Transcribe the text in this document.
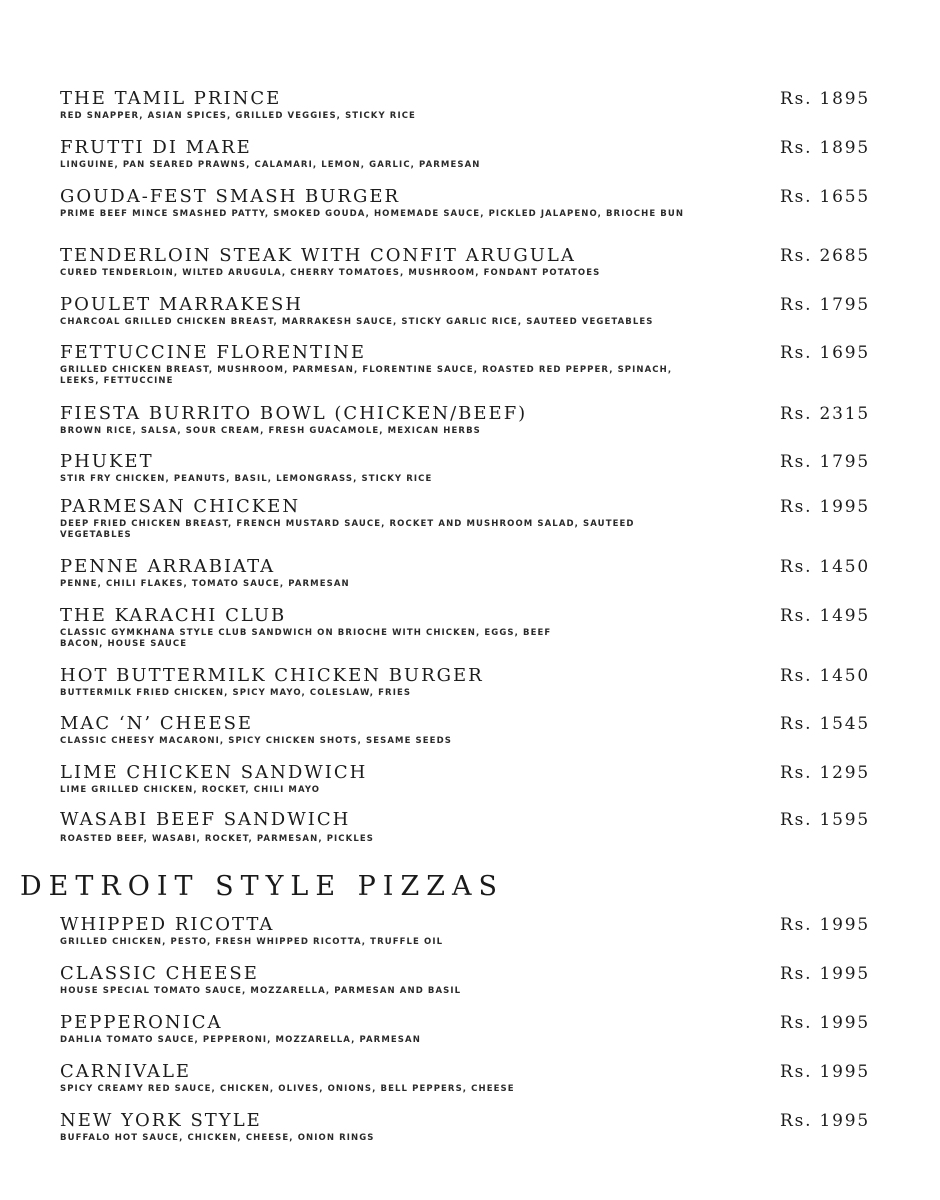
THE TAMIL PRINCE
RED SNAPPER, ASIAN SPICES, GRILLED VEGGIES, STICKY RICE
Rs. 1895
FRUTTI DI MARE
LINGUINE, PAN SEARED PRAWNS, CALAMARI, LEMON, GARLIC, PARMESAN
Rs. 1895
GOUDA-FEST SMASH BURGER
PRIME BEEF MINCE SMASHED PATTY, SMOKED GOUDA, HOMEMADE SAUCE, PICKLED JALAPENO, BRIOCHE BUN
Rs. 1655
TENDERLOIN STEAK WITH CONFIT ARUGULA
CURED TENDERLOIN, WILTED ARUGULA, CHERRY TOMATOES, MUSHROOM, FONDANT POTATOES
Rs. 2685
POULET MARRAKESH
CHARCOAL GRILLED CHICKEN BREAST, MARRAKESH SAUCE, STICKY GARLIC RICE, SAUTEED VEGETABLES
Rs. 1795
FETTUCCINE FLORENTINE
GRILLED CHICKEN BREAST, MUSHROOM, PARMESAN, FLORENTINE SAUCE, ROASTED RED PEPPER, SPINACH, LEEKS, FETTUCCINE
Rs. 1695
FIESTA BURRITO BOWL (CHICKEN/BEEF)
BROWN RICE, SALSA, SOUR CREAM, FRESH GUACAMOLE, MEXICAN HERBS
Rs. 2315
PHUKET
STIR FRY CHICKEN, PEANUTS, BASIL, LEMONGRASS, STICKY RICE
Rs. 1795
PARMESAN CHICKEN
DEEP FRIED CHICKEN BREAST, FRENCH MUSTARD SAUCE, ROCKET AND MUSHROOM SALAD, SAUTEED VEGETABLES
Rs. 1995
PENNE ARRABIATA
PENNE, CHILI FLAKES, TOMATO SAUCE, PARMESAN
Rs. 1450
THE KARACHI CLUB
CLASSIC GYMKHANA STYLE CLUB SANDWICH ON BRIOCHE WITH CHICKEN, EGGS, BEEF BACON, HOUSE SAUCE
Rs. 1495
HOT BUTTERMILK CHICKEN BURGER
BUTTERMILK FRIED CHICKEN, SPICY MAYO, COLESLAW, FRIES
Rs. 1450
MAC ‘N’ CHEESE
CLASSIC CHEESY MACARONI, SPICY CHICKEN SHOTS, SESAME SEEDS
Rs. 1545
LIME CHICKEN SANDWICH
LIME GRILLED CHICKEN, ROCKET, CHILI MAYO
Rs. 1295
WASABI BEEF SANDWICH
ROASTED BEEF, WASABI, ROCKET, PARMESAN, PICKLES
Rs. 1595
DETROIT STYLE PIZZAS
WHIPPED RICOTTA
GRILLED CHICKEN, PESTO, FRESH WHIPPED RICOTTA, TRUFFLE OIL
Rs. 1995
CLASSIC CHEESE
HOUSE SPECIAL TOMATO SAUCE, MOZZARELLA, PARMESAN AND BASIL
Rs. 1995
PEPPERONICA
DAHLIA TOMATO SAUCE, PEPPERONI, MOZZARELLA, PARMESAN
Rs. 1995
CARNIVALE
SPICY CREAMY RED SAUCE, CHICKEN, OLIVES, ONIONS, BELL PEPPERS, CHEESE
Rs. 1995
NEW YORK STYLE
BUFFALO HOT SAUCE, CHICKEN, CHEESE, ONION RINGS
Rs. 1995
